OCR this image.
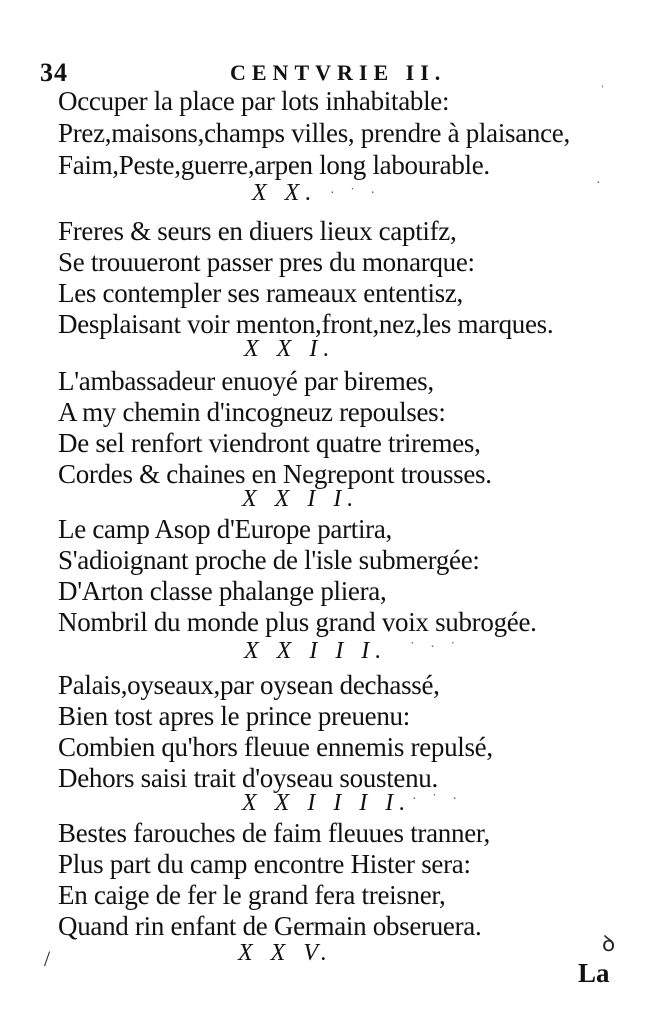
34	CENTVRIE II.
Occuper la place par lots inhabitable:
Prez,maisons,champs villes, prendre à plaisance,
Faim,Peste,guerre,arpen long labourable.
X X.
Freres & seurs en diuers lieux captifz,
Se trouueront passer pres du monarque:
Les contempler ses rameaux ententisz,
Desplaisant voir menton,front,nez,les marques.
X X I.
L'ambassadeur enuoyé par biremes,
A my chemin d'incogneuz repoulses:
De sel renfort viendront quatre triremes,
Cordes & chaines en Negrepont trousses.
X X I I.
Le camp Asop d'Europe partira,
S'adioignant proche de l'isle submergée:
D'Arton classe phalange pliera,
Nombril du monde plus grand voix subrogée.
X X I I I.
Palais,oyseaux,par oysean dechassé,
Bien tost apres le prince preuenu:
Combien qu'hors fleuue ennemis repulsé,
Dehors saisi trait d'oyseau soustenu.
X X I I I I.
Bestes farouches de faim fleuues tranner,
Plus part du camp encontre Hister sera:
En caige de fer le grand fera treisner,
Quand rin enfant de Germain obseruera.
X X V.
La
ꝺ
/
· ˙ ·
˙ · ˙
· ˙ ·
ˈ
·
